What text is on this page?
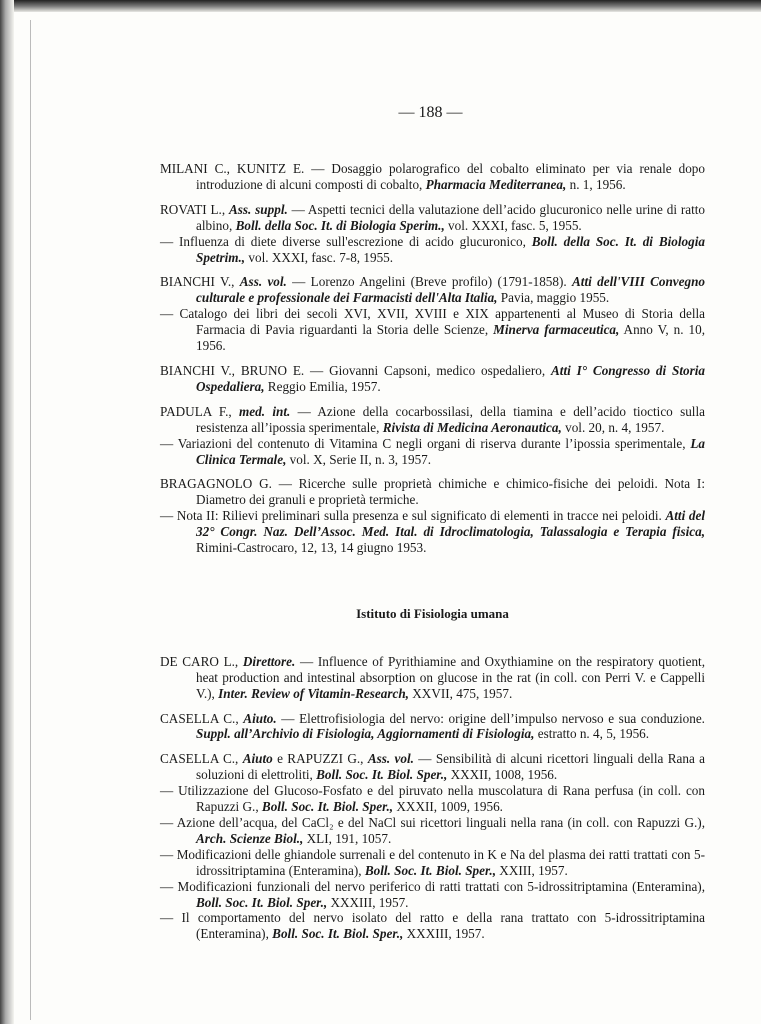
— 188 —
MILANI C., KUNITZ E. — Dosaggio polarografico del cobalto eliminato per via renale dopo introduzione di alcuni composti di cobalto, Pharmacia Mediterranea, n. 1, 1956.
ROVATI L., Ass. suppl. — Aspetti tecnici della valutazione dell’acido glucuronico nelle urine di ratto albino, Boll. della Soc. It. di Biologia Sperim., vol. XXXI, fasc. 5, 1955.
— Influenza di diete diverse sull'escrezione di acido glucuronico, Boll. della Soc. It. di Biologia Spetrim., vol. XXXI, fasc. 7-8, 1955.
BIANCHI V., Ass. vol. — Lorenzo Angelini (Breve profilo) (1791-1858). Atti dell'VIII Convegno culturale e professionale dei Farmacisti dell'Alta Italia, Pavia, maggio 1955.
— Catalogo dei libri dei secoli XVI, XVII, XVIII e XIX appartenenti al Museo di Storia della Farmacia di Pavia riguardanti la Storia delle Scienze, Minerva farmaceutica, Anno V, n. 10, 1956.
BIANCHI V., BRUNO E. — Giovanni Capsoni, medico ospedaliero, Atti I° Congresso di Storia Ospedaliera, Reggio Emilia, 1957.
PADULA F., med. int. — Azione della cocarbossilasi, della tiamina e dell’acido tioctico sulla resistenza all’ipossia sperimentale, Rivista di Medicina Aeronautica, vol. 20, n. 4, 1957.
— Variazioni del contenuto di Vitamina C negli organi di riserva durante l’ipossia sperimentale, La Clinica Termale, vol. X, Serie II, n. 3, 1957.
BRAGAGNOLO G. — Ricerche sulle proprietà chimiche e chimico-fisiche dei peloidi. Nota I: Diametro dei granuli e proprietà termiche.
— Nota II: Rilievi preliminari sulla presenza e sul significato di elementi in tracce nei peloidi. Atti del 32° Congr. Naz. Dell’Assoc. Med. Ital. di Idroclimatologia, Talassalogia e Terapia fisica, Rimini-Castrocaro, 12, 13, 14 giugno 1953.
Istituto di Fisiologia umana
DE CARO L., Direttore. — Influence of Pyrithiamine and Oxythiamine on the respiratory quotient, heat production and intestinal absorption on glucose in the rat (in coll. con Perri V. e Cappelli V.), Inter. Review of Vitamin-Research, XXVII, 475, 1957.
CASELLA C., Aiuto. — Elettrofisiologia del nervo: origine dell’impulso nervoso e sua conduzione. Suppl. all’Archivio di Fisiologia, Aggiornamenti di Fisiologia, estratto n. 4, 5, 1956.
CASELLA C., Aiuto e RAPUZZI G., Ass. vol. — Sensibilità di alcuni ricettori linguali della Rana a soluzioni di elettroliti, Boll. Soc. It. Biol. Sper., XXXII, 1008, 1956.
— Utilizzazione del Glucoso-Fosfato e del piruvato nella muscolatura di Rana perfusa (in coll. con Rapuzzi G., Boll. Soc. It. Biol. Sper., XXXII, 1009, 1956.
— Azione dell’acqua, del CaCl₂ e del NaCl sui ricettori linguali nella rana (in coll. con Rapuzzi G.), Arch. Scienze Biol., XLI, 191, 1057.
— Modificazioni delle ghiandole surrenali e del contenuto in K e Na del plasma dei ratti trattati con 5-idrossitriptamina (Enteramina), Boll. Soc. It. Biol. Sper., XXIII, 1957.
— Modificazioni funzionali del nervo periferico di ratti trattati con 5-idrossitriptamina (Enteramina), Boll. Soc. It. Biol. Sper., XXXIII, 1957.
— Il comportamento del nervo isolato del ratto e della rana trattato con 5-idrossitriptamina (Enteramina), Boll. Soc. It. Biol. Sper., XXXIII, 1957.
